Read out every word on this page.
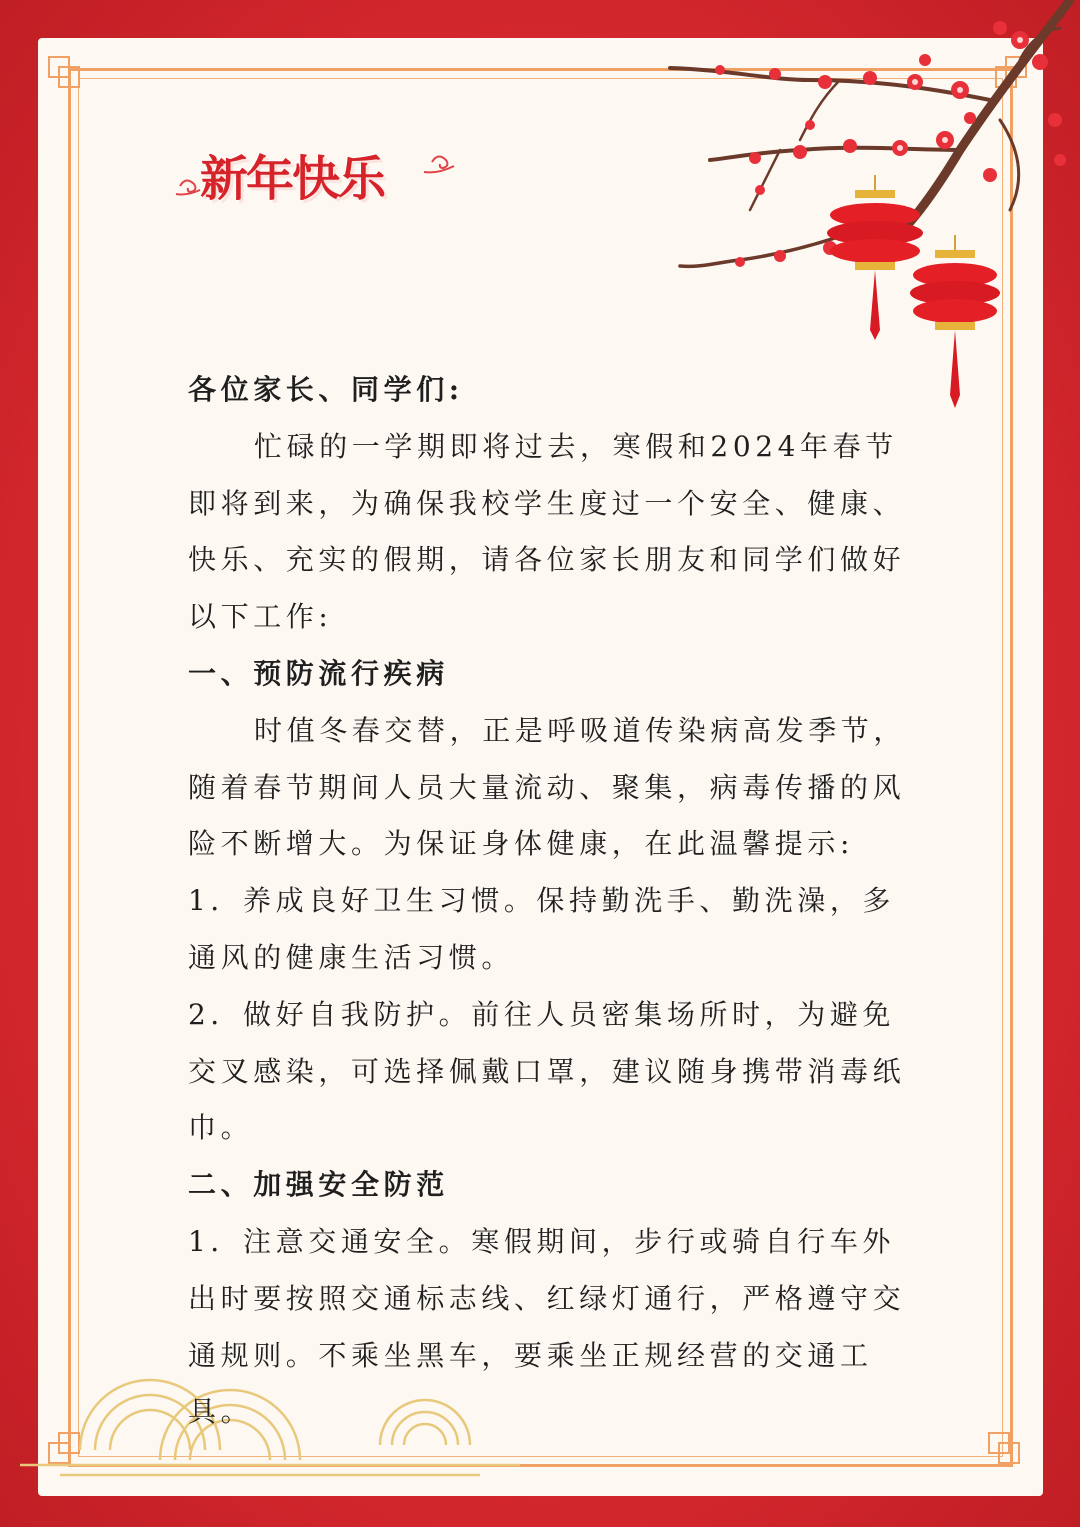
新年快乐

各位家长、同学们:

忙碌的一学期即将过去，寒假和2024年春节即将到来，为确保我校学生度过一个安全、健康、快乐、充实的假期，请各位家长朋友和同学们做好以下工作:

一、预防流行疾病

时值冬春交替，正是呼吸道传染病高发季节，随着春节期间人员大量流动、聚集，病毒传播的风险不断增大。为保证身体健康，在此温馨提示:

1．养成良好卫生习惯。保持勤洗手、勤洗澡，多通风的健康生活习惯。

2．做好自我防护。前往人员密集场所时，为避免交叉感染，可选择佩戴口罩，建议随身携带消毒纸巾。

二、加强安全防范

1．注意交通安全。寒假期间，步行或骑自行车外出时要按照交通标志线、红绿灯通行，严格遵守交通规则。不乘坐黑车，要乘坐正规经营的交通工具。
